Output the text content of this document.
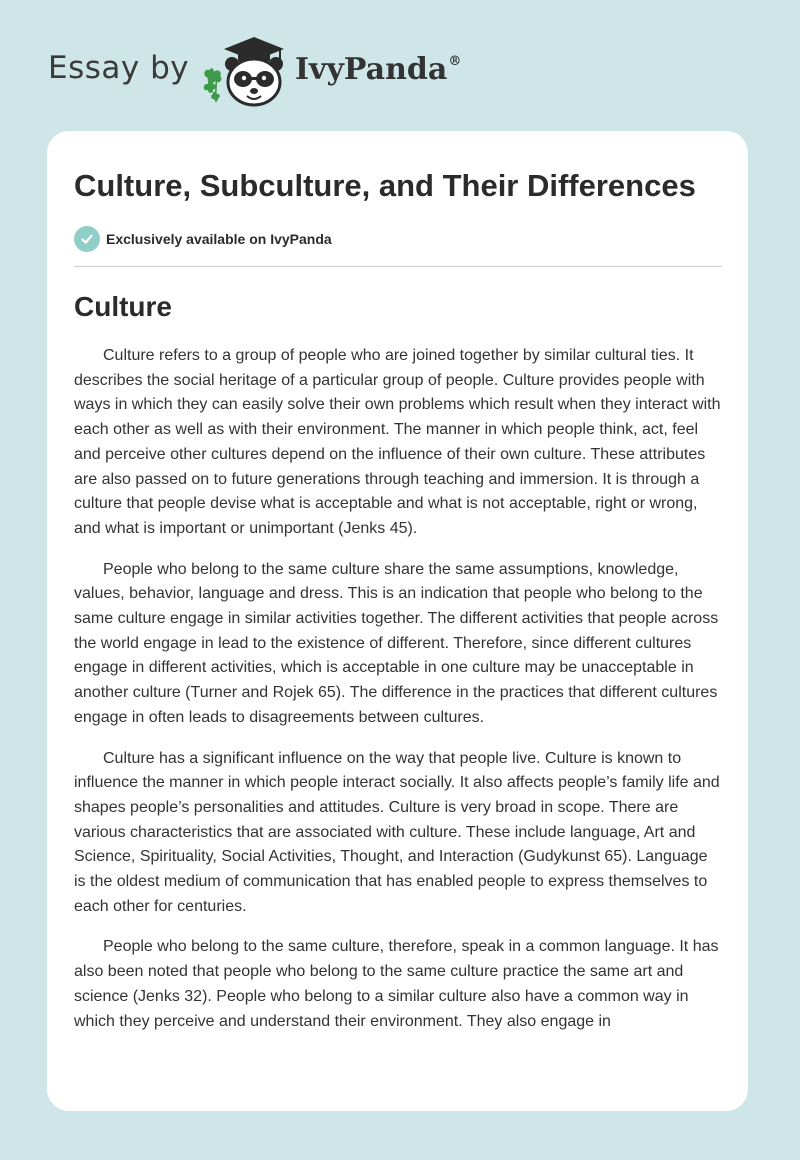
Essay by	IvyPanda®
Culture, Subculture, and Their Differences
Exclusively available on IvyPanda
Culture

Culture refers to a group of people who are joined together by similar cultural ties. It describes the social heritage of a particular group of people. Culture provides people with ways in which they can easily solve their own problems which result when they interact with each other as well as with their environment. The manner in which people think, act, feel and perceive other cultures depend on the influence of their own culture. These attributes are also passed on to future generations through teaching and immersion. It is through a culture that people devise what is acceptable and what is not acceptable, right or wrong, and what is important or unimportant (Jenks 45).

People who belong to the same culture share the same assumptions, knowledge, values, behavior, language and dress. This is an indication that people who belong to the same culture engage in similar activities together. The different activities that people across the world engage in lead to the existence of different. Therefore, since different cultures engage in different activities, which is acceptable in one culture may be unacceptable in another culture (Turner and Rojek 65). The difference in the practices that different cultures engage in often leads to disagreements between cultures.

Culture has a significant influence on the way that people live. Culture is known to influence the manner in which people interact socially. It also affects people’s family life and shapes people’s personalities and attitudes. Culture is very broad in scope. There are various characteristics that are associated with culture. These include language, Art and Science, Spirituality, Social Activities, Thought, and Interaction (Gudykunst 65). Language is the oldest medium of communication that has enabled people to express themselves to each other for centuries.

People who belong to the same culture, therefore, speak in a common language. It has also been noted that people who belong to the same culture practice the same art and science (Jenks 32). People who belong to a similar culture also have a common way in which they perceive and understand their environment. They also engage in
